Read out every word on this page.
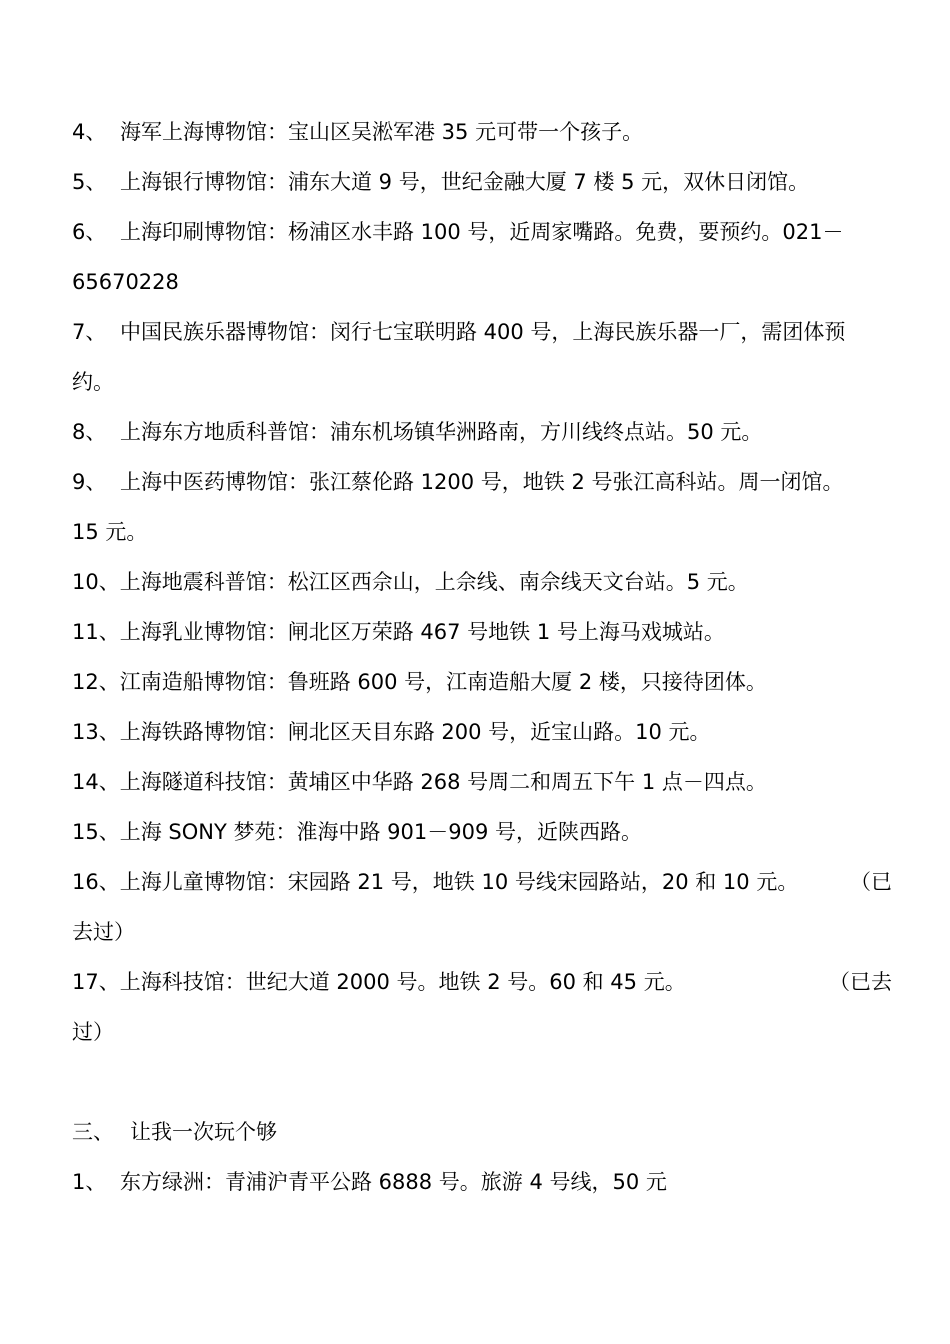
4、 海军上海博物馆：宝山区吴淞军港 35 元可带一个孩子。
5、 上海银行博物馆：浦东大道 9 号，世纪金融大厦 7 楼 5 元，双休日闭馆。
6、 上海印刷博物馆：杨浦区水丰路 100 号，近周家嘴路。免费，要预约。021－
65670228
7、 中国民族乐器博物馆：闵行七宝联明路 400 号，上海民族乐器一厂，需团体预
约。
8、 上海东方地质科普馆：浦东机场镇华洲路南，方川线终点站。50 元。
9、 上海中医药博物馆：张江蔡伦路 1200 号，地铁 2 号张江高科站。周一闭馆。
15 元。
10、上海地震科普馆：松江区西佘山，上佘线、南佘线天文台站。5 元。
11、上海乳业博物馆：闸北区万荣路 467 号地铁 1 号上海马戏城站。
12、江南造船博物馆：鲁班路 600 号，江南造船大厦 2 楼，只接待团体。
13、上海铁路博物馆：闸北区天目东路 200 号，近宝山路。10 元。
14、上海隧道科技馆：黄埔区中华路 268 号周二和周五下午 1 点－四点。
15、上海 SONY 梦苑：淮海中路 901－909 号，近陕西路。
16、上海儿童博物馆：宋园路 21 号，地铁 10 号线宋园路站，20 和 10 元。 （已
去过）
17、上海科技馆：世纪大道 2000 号。地铁 2 号。60 和 45 元。	（已去
过）
三、 让我一次玩个够
1、 东方绿洲：青浦沪青平公路 6888 号。旅游 4 号线，50 元
